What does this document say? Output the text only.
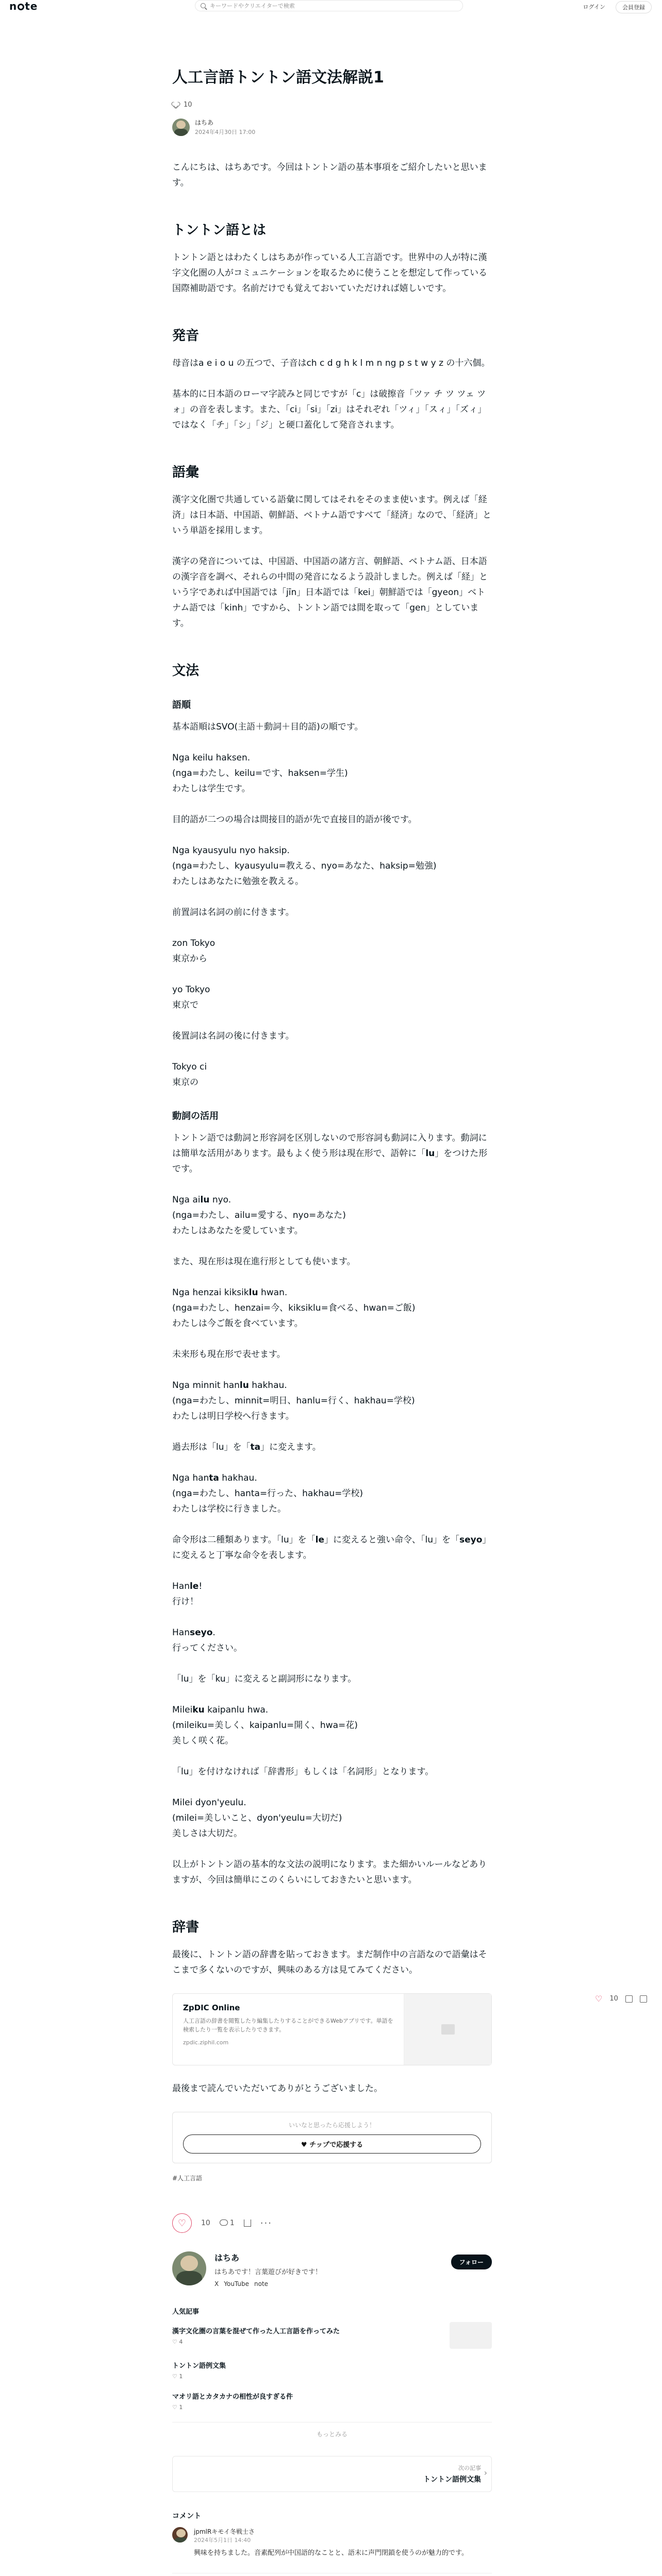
n te	キーワードやクリエイターで検索	ログイン	会員登録
人工言語トントン語文法解説1
10
はちあ
2024年4月30日 17:00

こんにちは、はちあです。今回はトントン語の基本事項をご紹介したいと思います。

トントン語とは

トントン語とはわたくしはちあが作っている人工言語です。世界中の人が特に漢字文化圏の人がコミュニケーションを取るために使うことを想定して作っている国際補助語です。名前だけでも覚えておいていただければ嬉しいです。

発音

母音はa e i o u の五つで、子音はch c d g h k l m n ng p s t w y z の十六個。

基本的に日本語のローマ字読みと同じですが「c」は破擦音「ツァ チ ツ ツェ ツォ」の音を表します。また、「ci」「si」「zi」はそれぞれ「ツィ」「スィ」「ズィ」ではなく「チ」「シ」「ジ」と硬口蓋化して発音されます。

語彙

漢字文化圏で共通している語彙に関してはそれをそのまま使います。例えば「経済」は日本語、中国語、朝鮮語、ベトナム語ですべて「経済」なので、「経済」という単語を採用します。

漢字の発音については、中国語、中国語の諸方言、朝鮮語、ベトナム語、日本語の漢字音を調べ、それらの中間の発音になるよう設計しました。例えば「経」という字であれば中国語では「jīn」日本語では「kei」朝鮮語では「gyeon」ベトナム語では「kinh」ですから、トントン語では間を取って「gen」としています。

文法
語順

基本語順はSVO(主語＋動詞＋目的語)の順です。

Nga keilu haksen.
(nga=わたし、keilu=です、haksen=学生)
わたしは学生です。

目的語が二つの場合は間接目的語が先で直接目的語が後です。

Nga kyausyulu nyo haksip.
(nga=わたし、kyausyulu=教える、nyo=あなた、haksip=勉強)
わたしはあなたに勉強を教える。

前置詞は名詞の前に付きます。

zon Tokyo
東京から

yo Tokyo
東京で

後置詞は名詞の後に付きます。

Tokyo ci
東京の

動詞の活用

トントン語では動詞と形容詞を区別しないので形容詞も動詞に入ります。動詞には簡単な活用があります。最もよく使う形は現在形で、語幹に「lu」をつけた形です。

Nga ailu nyo.
(nga=わたし、ailu=愛する、nyo=あなた)
わたしはあなたを愛しています。

また、現在形は現在進行形としても使います。

Nga henzai kiksiklu hwan.
(nga=わたし、henzai=今、kiksiklu=食べる、hwan=ご飯)
わたしは今ご飯を食べています。

未来形も現在形で表せます。

Nga minnit hanlu hakhau.
(nga=わたし、minnit=明日、hanlu=行く、hakhau=学校)
わたしは明日学校へ行きます。

過去形は「lu」を「ta」に変えます。

Nga hanta hakhau.
(nga=わたし、hanta=行った、hakhau=学校)
わたしは学校に行きました。

命令形は二種類あります。「lu」を「le」に変えると強い命令、「lu」を「seyo」に変えると丁寧な命令を表します。

Hanle!
行け！

Hanseyo.
行ってください。

「lu」を「ku」に変えると副詞形になります。

Mileiku kaipanlu hwa.
(mileiku=美しく、kaipanlu=開く、hwa=花)
美しく咲く花。

「lu」を付けなければ「辞書形」もしくは「名詞形」となります。

Milei dyon'yeulu.
(milei=美しいこと、dyon'yeulu=大切だ)
美しさは大切だ。

以上がトントン語の基本的な文法の説明になります。また細かいルールなどありますが、今回は簡単にこのくらいにしておきたいと思います。

辞書

最後に、トントン語の辞書を貼っておきます。まだ制作中の言語なので語彙はそこまで多くないのですが、興味のある方は見てみてください。

ZpDIC Online
人工言語の辞書を閲覧したり編集したりすることができるWebアプリです。単語を検索したり一覧を表示したりできます。
zpdic.ziphil.com

最後まで読んでいただいてありがとうございました。

いいなと思ったら応援しよう！
♥ チップで応援する
#人工言語
♡ 10	1	···
はちあ
はちあです！言葉遊びが好きです！
X YouTube note
フォロー
人気記事
漢字文化圏の言葉を混ぜて作った人工言語を作ってみた
♡ 4
トントン語例文集
♡ 1
マオリ語とカタカナの相性が良すぎる件
♡ 1
もっとみる
次の記事
トントン語例文集
›
コメント
jpmlRキモイ冬戦士さ
2024年5月1日 14:40
興味を持ちました。音素配列が中国語的なことと、語末に声門閉鎖を使うのが魅力的です。
♡ 10
